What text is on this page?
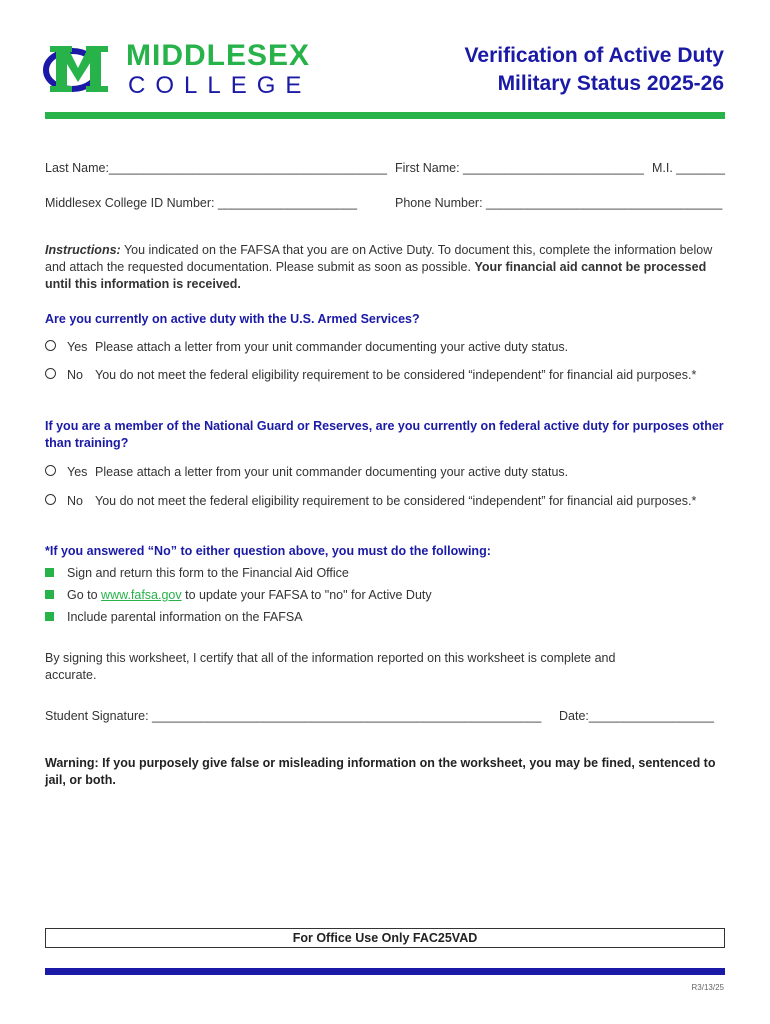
MIDDLESEX
COLLEGE
Verification of Active Duty
Military Status 2025-26
Last Name:________________________________________ First Name: __________________________ M.I. _______
Middlesex College ID Number: ____________________	Phone Number: __________________________________
Instructions: You indicated on the FAFSA that you are on Active Duty. To document this, complete the information below and attach the requested documentation. Please submit as soon as possible. Your financial aid cannot be processed until this information is received.
Are you currently on active duty with the U.S. Armed Services?
Yes Please attach a letter from your unit commander documenting your active duty status.
No You do not meet the federal eligibility requirement to be considered “independent” for financial aid purposes.*
If you are a member of the National Guard or Reserves, are you currently on federal active duty for purposes other than training?
Yes Please attach a letter from your unit commander documenting your active duty status.
No You do not meet the federal eligibility requirement to be considered “independent” for financial aid purposes.*
*If you answered “No” to either question above, you must do the following:
Sign and return this form to the Financial Aid Office
Go to www.fafsa.gov to update your FAFSA to "no" for Active Duty
Include parental information on the FAFSA
By signing this worksheet, I certify that all of the information reported on this worksheet is complete and accurate.
Student Signature: ________________________________________________________ Date:__________________
Warning: If you purposely give false or misleading information on the worksheet, you may be fined, sentenced to jail, or both.
For Office Use Only FAC25VAD
R3/13/25
